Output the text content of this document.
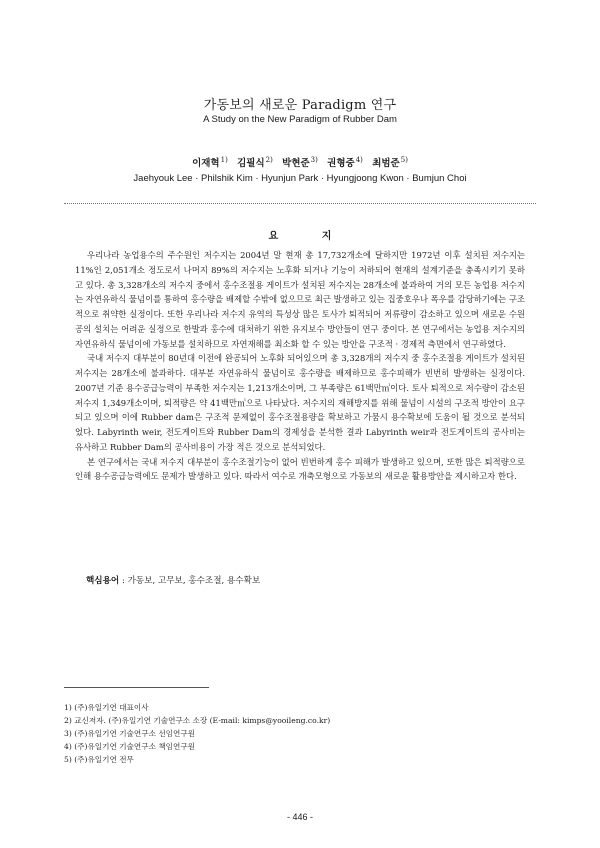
가동보의 새로운 Paradigm 연구
A Study on the New Paradigm of Rubber Dam
이재혁$^{1)}$ 김필식$^{2)}$ 박현준$^{3)}$ 권형중$^{4)}$ 최범준$^{5)}$
Jaehyouk Lee · Philshik Kim · Hyunjun Park · Hyungjoong Kwon · Bumjun Choi
요 지

우리나라 농업용수의 주수원인 저수지는 2004년 말 현재 총 17,732개소에 달하지만 1972년 이후 설치된 저수지는 11%인 2,051개소 정도로서 나머지 89%의 저수지는 노후화 되거나 기능이 저하되어 현재의 설계기준을 충족시키기 못하고 있다. 총 3,328개소의 저수지 중에서 홍수조절용 게이트가 설치된 저수지는 28개소에 불과하여 거의 모든 농업용 저수지는 자연유하식 물넘이를 통하여 홍수량을 배제할 수밖에 없으므로 최근 발생하고 있는 집중호우나 폭우를 감당하기에는 구조적으로 취약한 실정이다. 또한 우리나라 저수지 유역의 특성상 많은 토사가 퇴적되어 저류량이 감소하고 있으며 새로운 수원공의 설치는 어려운 실정으로 한발과 홍수에 대처하기 위한 유지보수 방안들이 연구 중이다. 본 연구에서는 농업용 저수지의 자연유하식 물넘이에 가동보를 설치하므로 자연재해를 최소화 할 수 있는 방안을 구조적 · 경제적 측면에서 연구하였다.

국내 저수지 대부분이 80년대 이전에 완공되어 노후화 되어있으며 총 3,328개의 저수지 중 홍수조절용 게이트가 설치된 저수지는 28개소에 불과하다. 대부분 자연유하식 물넘이로 홍수량을 배제하므로 홍수피해가 빈번히 발생하는 실정이다. 2007년 기준 용수공급능력이 부족한 저수지는 1,213개소이며, 그 부족량은 61백만㎥이다. 토사 퇴적으로 저수량이 감소된 저수지 1,349개소이며, 퇴적량은 약 41백만㎥으로 나타났다. 저수지의 재해방지를 위해 물넘이 시설의 구조적 방안이 요구되고 있으며 이에 Rubber dam은 구조적 문제없이 홍수조절용량을 확보하고 가뭄시 용수확보에 도움이 될 것으로 분석되었다. Labyrinth weir, 전도게이트와 Rubber Dam의 경제성을 분석한 결과 Labyrinth weir과 전도게이트의 공사비는 유사하고 Rubber Dam의 공사비용이 가장 적은 것으로 분석되었다.

본 연구에서는 국내 저수지 대부분이 홍수조절기능이 없어 빈번하게 홍수 피해가 발생하고 있으며, 또한 많은 퇴적량으로 인해 용수공급능력에도 문제가 발생하고 있다. 따라서 여수로 개축모형으로 가동보의 새로운 활용방안을 제시하고자 한다.

핵심용어 : 가동보, 고무보, 홍수조절, 용수확보
1) (주)유일기연 대표이사
2) 교신저자. (주)유일기연 기술연구소 소장 (E-mail: kimps@yooileng.co.kr)
3) (주)유일기연 기술연구소 선임연구원
4) (주)유일기연 기술연구소 책임연구원
5) (주)유일기연 전무
- 446 -
